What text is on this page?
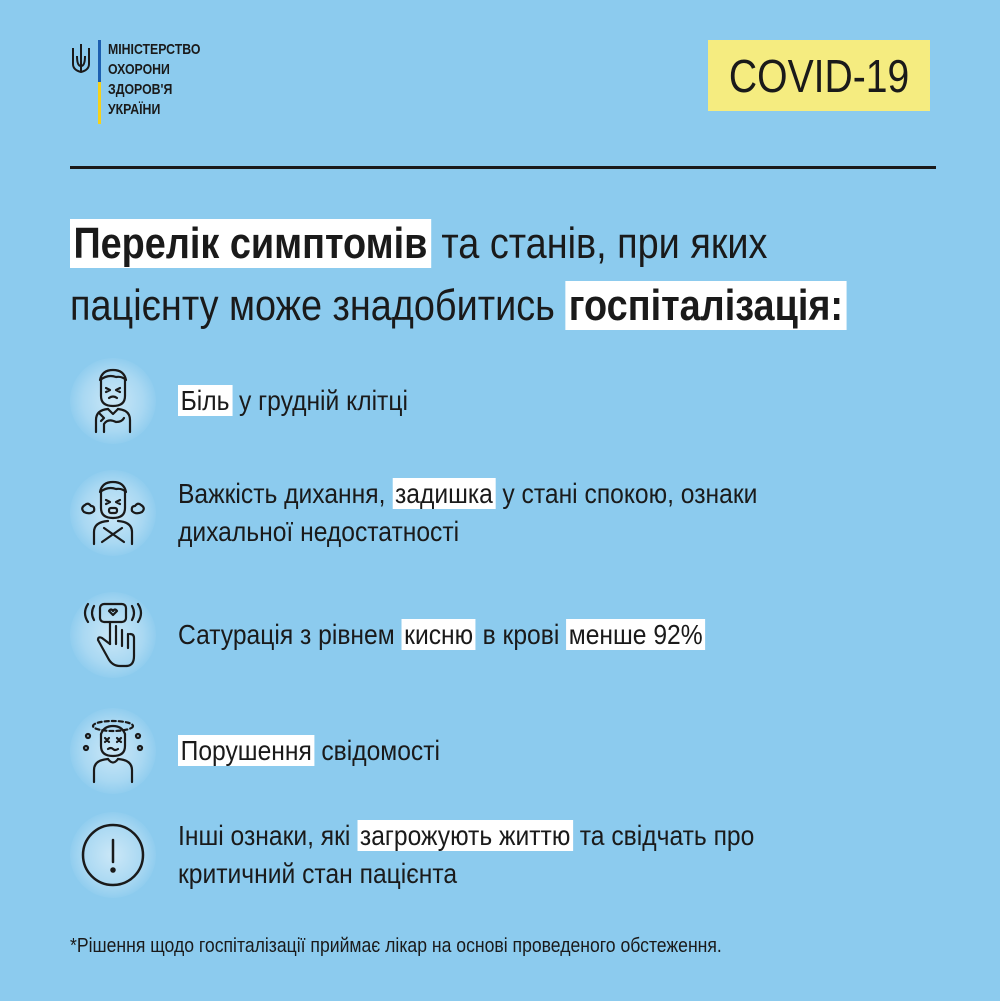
МІНІСТЕРСТВО
ОХОРОНИ
ЗДОРОВ'Я
УКРАЇНИ
COVID-19
Перелік симптомів та станів, при яких
пацієнту може знадобитись госпіталізація:
Біль у грудній клітці
Важкість дихання, задишка у стані спокою, ознаки
дихальної недостатності
Сатурація з рівнем кисню в крові менше 92%
Порушення свідомості
Інші ознаки, які загрожують життю та свідчать про
критичний стан пацієнта
*Рішення щодо госпіталізації приймає лікар на основі проведеного обстеження.
